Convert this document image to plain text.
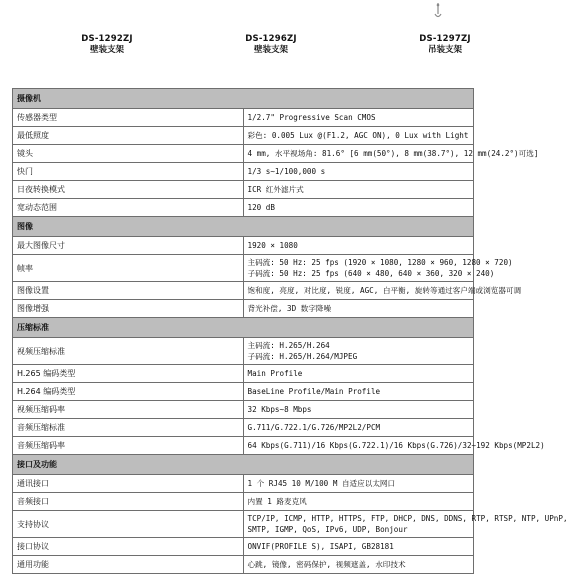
DS-1292ZJ
壁装支架
DS-1296ZJ
壁装支架
DS-1297ZJ
吊装支架
摄像机	
传感器类型	1/2.7" Progressive Scan CMOS

最低照度	彩色: 0.005 Lux @(F1.2, AGC ON), 0 Lux with Light

镜头	4 mm, 水平视场角: 81.6° [6 mm(50°), 8 mm(38.7°), 12 mm(24.2°)可选]

快门	1/3 s~1/100,000 s

日夜转换模式	ICR 红外滤片式

宽动态范围	120 dB

图像	
最大图像尺寸	1920 × 1080

帧率	主码流: 50 Hz: 25 fps (1920 × 1080, 1280 × 960, 1280 × 720)
子码流: 50 Hz: 25 fps (640 × 480, 640 × 360, 320 × 240)

图像设置	饱和度, 亮度, 对比度, 锐度, AGC, 白平衡, 旋转等通过客户端或浏览器可调

图像增强	背光补偿, 3D 数字降噪

压缩标准	
视频压缩标准	主码流: H.265/H.264
子码流: H.265/H.264/MJPEG

H.265 编码类型	Main Profile

H.264 编码类型	BaseLine Profile/Main Profile

视频压缩码率	32 Kbps~8 Mbps

音频压缩标准	G.711/G.722.1/G.726/MP2L2/PCM

音频压缩码率	64 Kbps(G.711)/16 Kbps(G.722.1)/16 Kbps(G.726)/32~192 Kbps(MP2L2)

接口及功能	
通讯接口	1 个 RJ45 10 M/100 M 自适应以太网口

音频接口	内置 1 路麦克风

支持协议	TCP/IP, ICMP, HTTP, HTTPS, FTP, DHCP, DNS, DDNS, RTP, RTSP, NTP, UPnP,
SMTP, IGMP, QoS, IPv6, UDP, Bonjour

接口协议	ONVIF(PROFILE S), ISAPI, GB28181

通用功能	心跳, 镜像, 密码保护, 视频遮盖, 水印技术
